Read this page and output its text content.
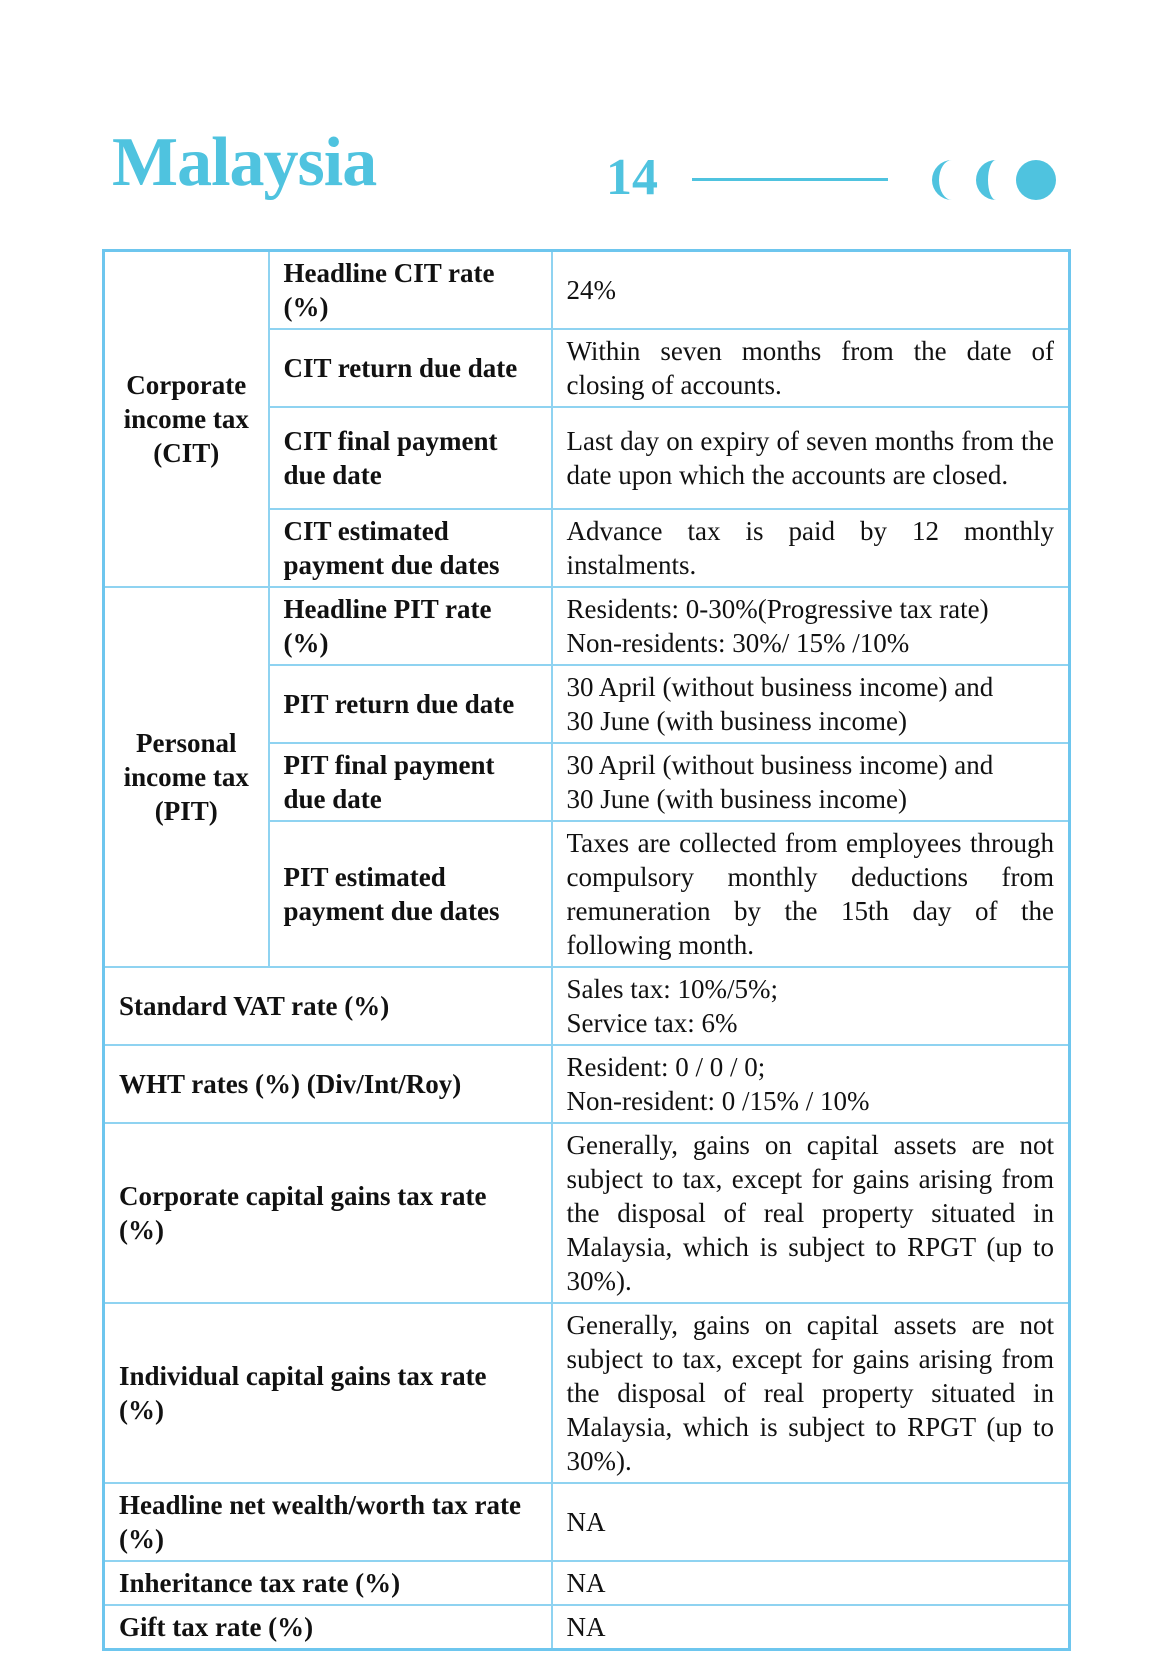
Malaysia	14
Corporate income tax (CIT)	Headline CIT rate (%)	24%
	CIT return due date	Within seven months from the date of closing of accounts.
	CIT final payment due date	Last day on expiry of seven months from the date upon which the accounts are closed.
	CIT estimated payment due dates	Advance tax is paid by 12 monthly instalments.
Personal income tax (PIT)	Headline PIT rate (%)	Residents: 0-30%(Progressive tax rate)
Non-residents: 30%/ 15% /10%

	PIT return due date	30 April (without business income) and
30 June (with business income)

	PIT final payment due date	30 April (without business income) and
30 June (with business income)

	PIT estimated payment due dates	Taxes are collected from employees through compulsory monthly deductions from remuneration by the 15th day of the following month.
Standard VAT rate (%)		Sales tax: 10%/5%;
Service tax: 6%

WHT rates (%) (Div/Int/Roy)		Resident: 0 / 0 / 0;
Non-resident: 0 /15% / 10%

Corporate capital gains tax rate (%)		Generally, gains on capital assets are not subject to tax, except for gains arising from the disposal of real property situated in Malaysia, which is subject to RPGT (up to 30%).
Individual capital gains tax rate (%)		Generally, gains on capital assets are not subject to tax, except for gains arising from the disposal of real property situated in Malaysia, which is subject to RPGT (up to 30%).
Headline net wealth/worth tax rate (%)		NA
Inheritance tax rate (%)		NA
Gift tax rate (%)		NA
